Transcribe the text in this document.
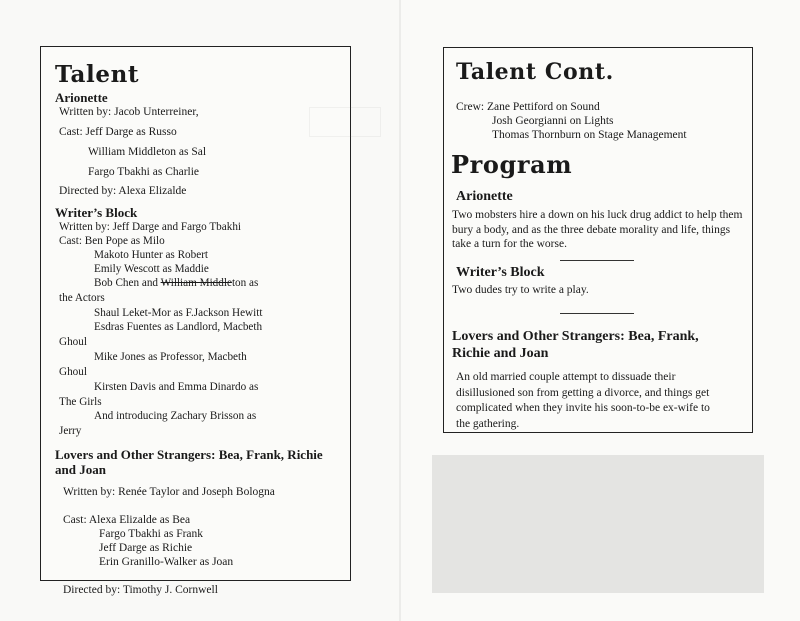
Talent
Arionette
Written by: Jacob Unterreiner,
Cast: Jeff Darge as Russo
William Middleton as Sal
Fargo Tbakhi as Charlie
Directed by: Alexa Elizalde
Writer’s Block
Written by: Jeff Darge and Fargo Tbakhi
Cast: Ben Pope as Milo
Makoto Hunter as Robert
Emily Wescott as Maddie
Bob Chen and William Middleton as
the Actors
Shaul Leket-Mor as F.Jackson Hewitt
Esdras Fuentes as Landlord, Macbeth
Ghoul
Mike Jones as Professor, Macbeth
Ghoul
Kirsten Davis and Emma Dinardo as
The Girls
And introducing Zachary Brisson as
Jerry
Lovers and Other Strangers: Bea, Frank, Richie
and Joan
Written by: Renée Taylor and Joseph Bologna
Cast: Alexa Elizalde as Bea
Fargo Tbakhi as Frank
Jeff Darge as Richie
Erin Granillo-Walker as Joan
Directed by: Timothy J. Cornwell
Talent Cont.
Crew: Zane Pettiford on Sound
Josh Georgianni on Lights
Thomas Thornburn on Stage Management
Program
Arionette
Two mobsters hire a down on his luck drug addict to help them bury a body, and as the three debate morality and life, things take a turn for the worse.
Writer’s Block
Two dudes try to write a play.
Lovers and Other Strangers: Bea, Frank,
Richie and Joan
An old married couple attempt to dissuade their disillusioned son from getting a divorce, and things get complicated when they invite his soon-to-be ex-wife to the gathering.
